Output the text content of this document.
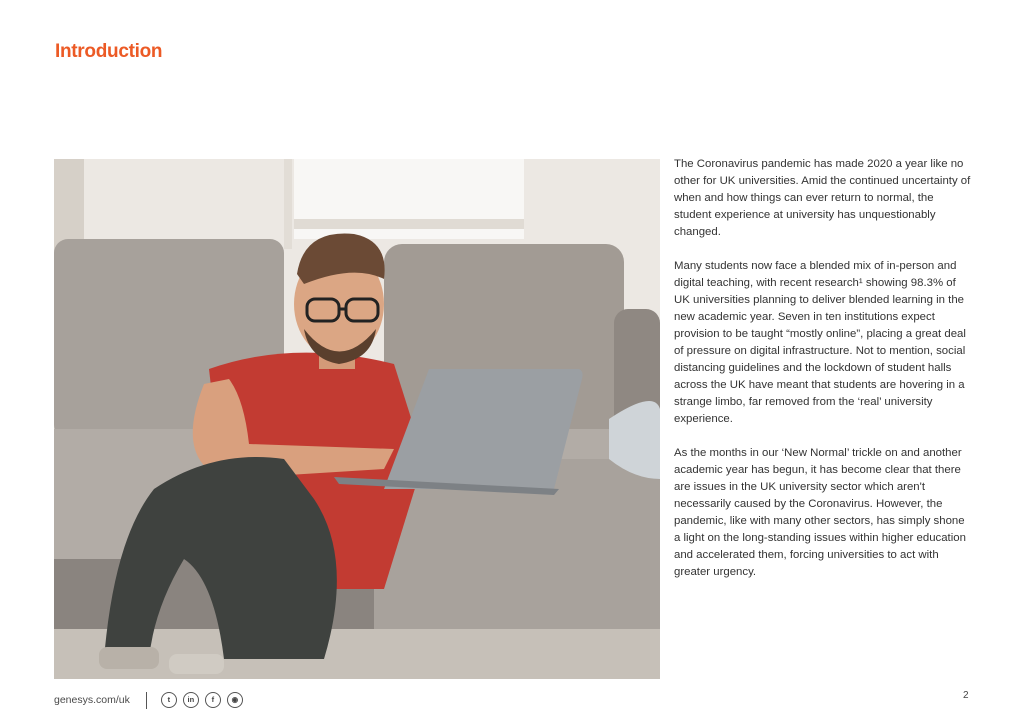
Introduction

The Coronavirus pandemic has made 2020 a year like no other for UK universities. Amid the continued uncertainty of when and how things can ever return to normal, the student experience at university has unquestionably changed.

Many students now face a blended mix of in-person and digital teaching, with recent research¹ showing 98.3% of UK universities planning to deliver blended learning in the new academic year. Seven in ten institutions expect provision to be taught “mostly online”, placing a great deal of pressure on digital infrastructure. Not to mention, social distancing guidelines and the lockdown of student halls across the UK have meant that students are hovering in a strange limbo, far removed from the ‘real’ university experience.

As the months in our ‘New Normal’ trickle on and another academic year has begun, it has become clear that there are issues in the UK university sector which aren't necessarily caused by the Coronavirus. However, the pandemic, like with many other sectors, has simply shone a light on the long-standing issues within higher education and accelerated them, forcing universities to act with greater urgency.

genesys.com/uk	t	in	f	◉	2
